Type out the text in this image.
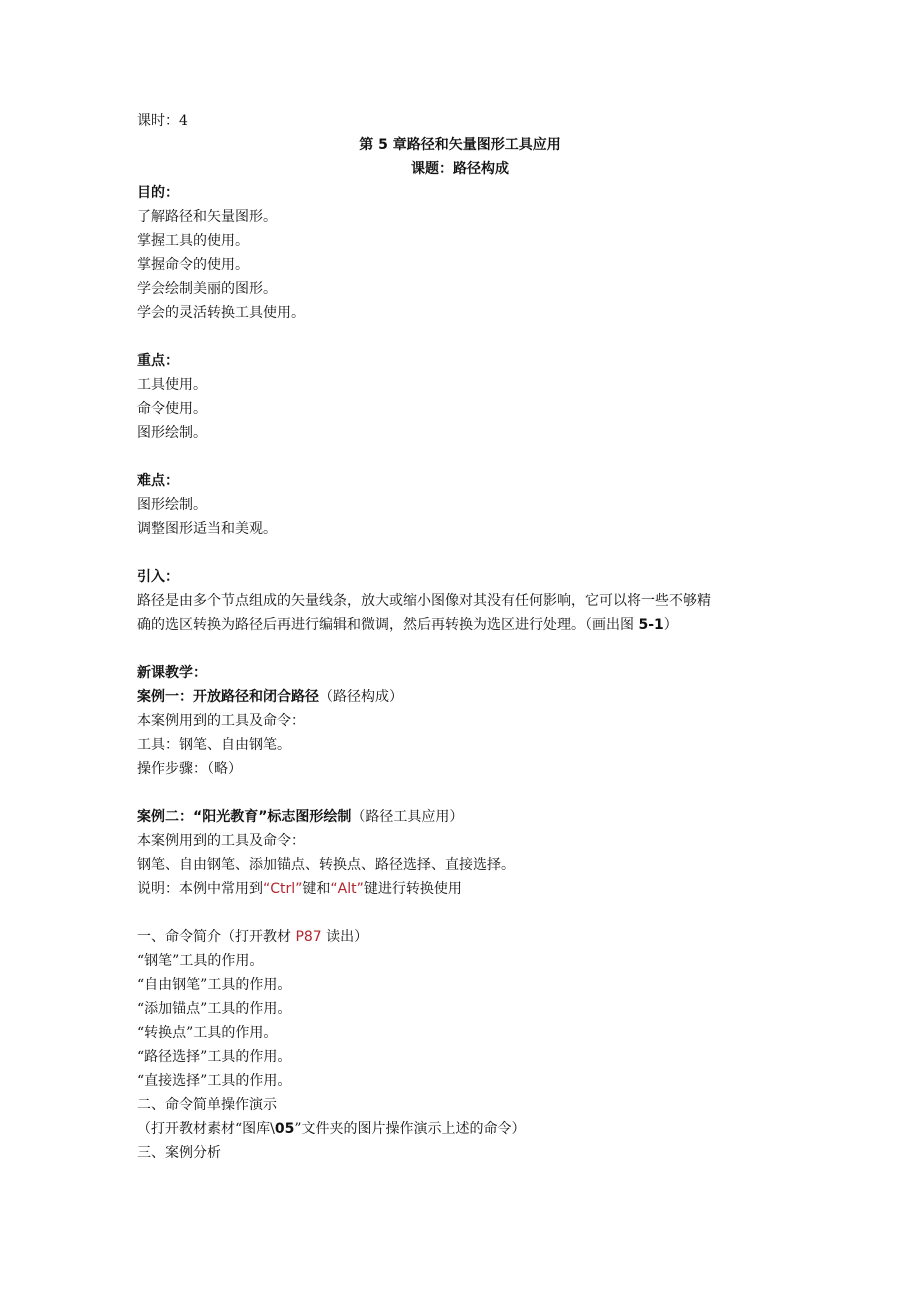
课时：4
第 5 章路径和矢量图形工具应用
课题：路径构成
目的：
了解路径和矢量图形。
掌握工具的使用。
掌握命令的使用。
学会绘制美丽的图形。
学会的灵活转换工具使用。
重点：
工具使用。
命令使用。
图形绘制。
难点：
图形绘制。
调整图形适当和美观。
引入：
路径是由多个节点组成的矢量线条，放大或缩小图像对其没有任何影响，它可以将一些不够精
确的选区转换为路径后再进行编辑和微调，然后再转换为选区进行处理。（画出图 5-1）
新课教学：
案例一：开放路径和闭合路径（路径构成）
本案例用到的工具及命令：
工具：钢笔、自由钢笔。
操作步骤：（略）
案例二：“阳光教育”标志图形绘制（路径工具应用）
本案例用到的工具及命令：
钢笔、自由钢笔、添加锚点、转换点、路径选择、直接选择。
说明：本例中常用到“Ctrl”键和“Alt”键进行转换使用
一、命令简介（打开教材 P87 读出）
“钢笔”工具的作用。
“自由钢笔”工具的作用。
“添加锚点”工具的作用。
“转换点”工具的作用。
“路径选择”工具的作用。
“直接选择”工具的作用。
二、命令简单操作演示
（打开教材素材“图库\05”文件夹的图片操作演示上述的命令）
三、案例分析
